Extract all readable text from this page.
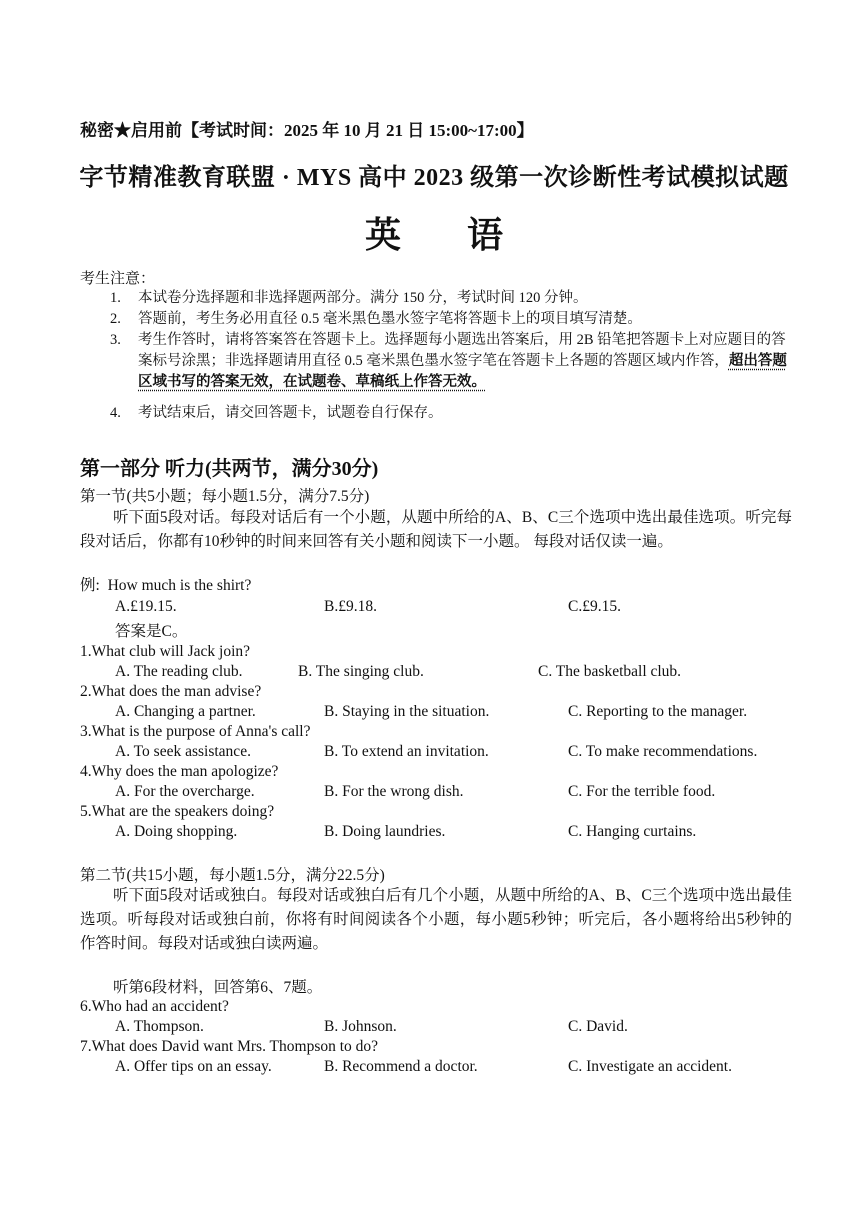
秘密★启用前【考试时间：2025 年 10 月 21 日 15:00~17:00】
字节精准教育联盟 · MYS 高中 2023 级第一次诊断性考试模拟试题
英 语
考生注意：
1. 本试卷分选择题和非选择题两部分。满分 150 分，考试时间 120 分钟。
2. 答题前，考生务必用直径 0.5 毫米黑色墨水签字笔将答题卡上的项目填写清楚。
3. 考生作答时，请将答案答在答题卡上。选择题每小题选出答案后，用 2B 铅笔把答题卡上对应题目的答案标号涂黑；非选择题请用直径 0.5 毫米黑色墨水签字笔在答题卡上各题的答题区域内作答，超出答题区域书写的答案无效，在试题卷、草稿纸上作答无效。
4. 考试结束后，请交回答题卡，试题卷自行保存。
第一部分 听力(共两节，满分30分)
第一节(共5小题；每小题1.5分，满分7.5分)
听下面5段对话。每段对话后有一个小题，从题中所给的A、B、C三个选项中选出最佳选项。听完每段对话后，你都有10秒钟的时间来回答有关小题和阅读下一小题。 每段对话仅读一遍。
例: How much is the shirt?
A.£19.15.	B.£9.18.	C.£9.15.
答案是C。
1.What club will Jack join?
A. The reading club.	B. The singing club.	C. The basketball club.
2.What does the man advise?
A. Changing a partner.	B. Staying in the situation.	C. Reporting to the manager.
3.What is the purpose of Anna's call?
A. To seek assistance.	B. To extend an invitation.	C. To make recommendations.
4.Why does the man apologize?
A. For the overcharge.	B. For the wrong dish.	C. For the terrible food.
5.What are the speakers doing?
A. Doing shopping.	B. Doing laundries.	C. Hanging curtains.
第二节(共15小题，每小题1.5分，满分22.5分)
听下面5段对话或独白。每段对话或独白后有几个小题，从题中所给的A、B、C三个选项中选出最佳选项。听每段对话或独白前，你将有时间阅读各个小题，每小题5秒钟；听完后，各小题将给出5秒钟的作答时间。每段对话或独白读两遍。
听第6段材料，回答第6、7题。
6.Who had an accident?
A. Thompson.	B. Johnson.	C. David.
7.What does David want Mrs. Thompson to do?
A. Offer tips on an essay.	B. Recommend a doctor.	C. Investigate an accident.
